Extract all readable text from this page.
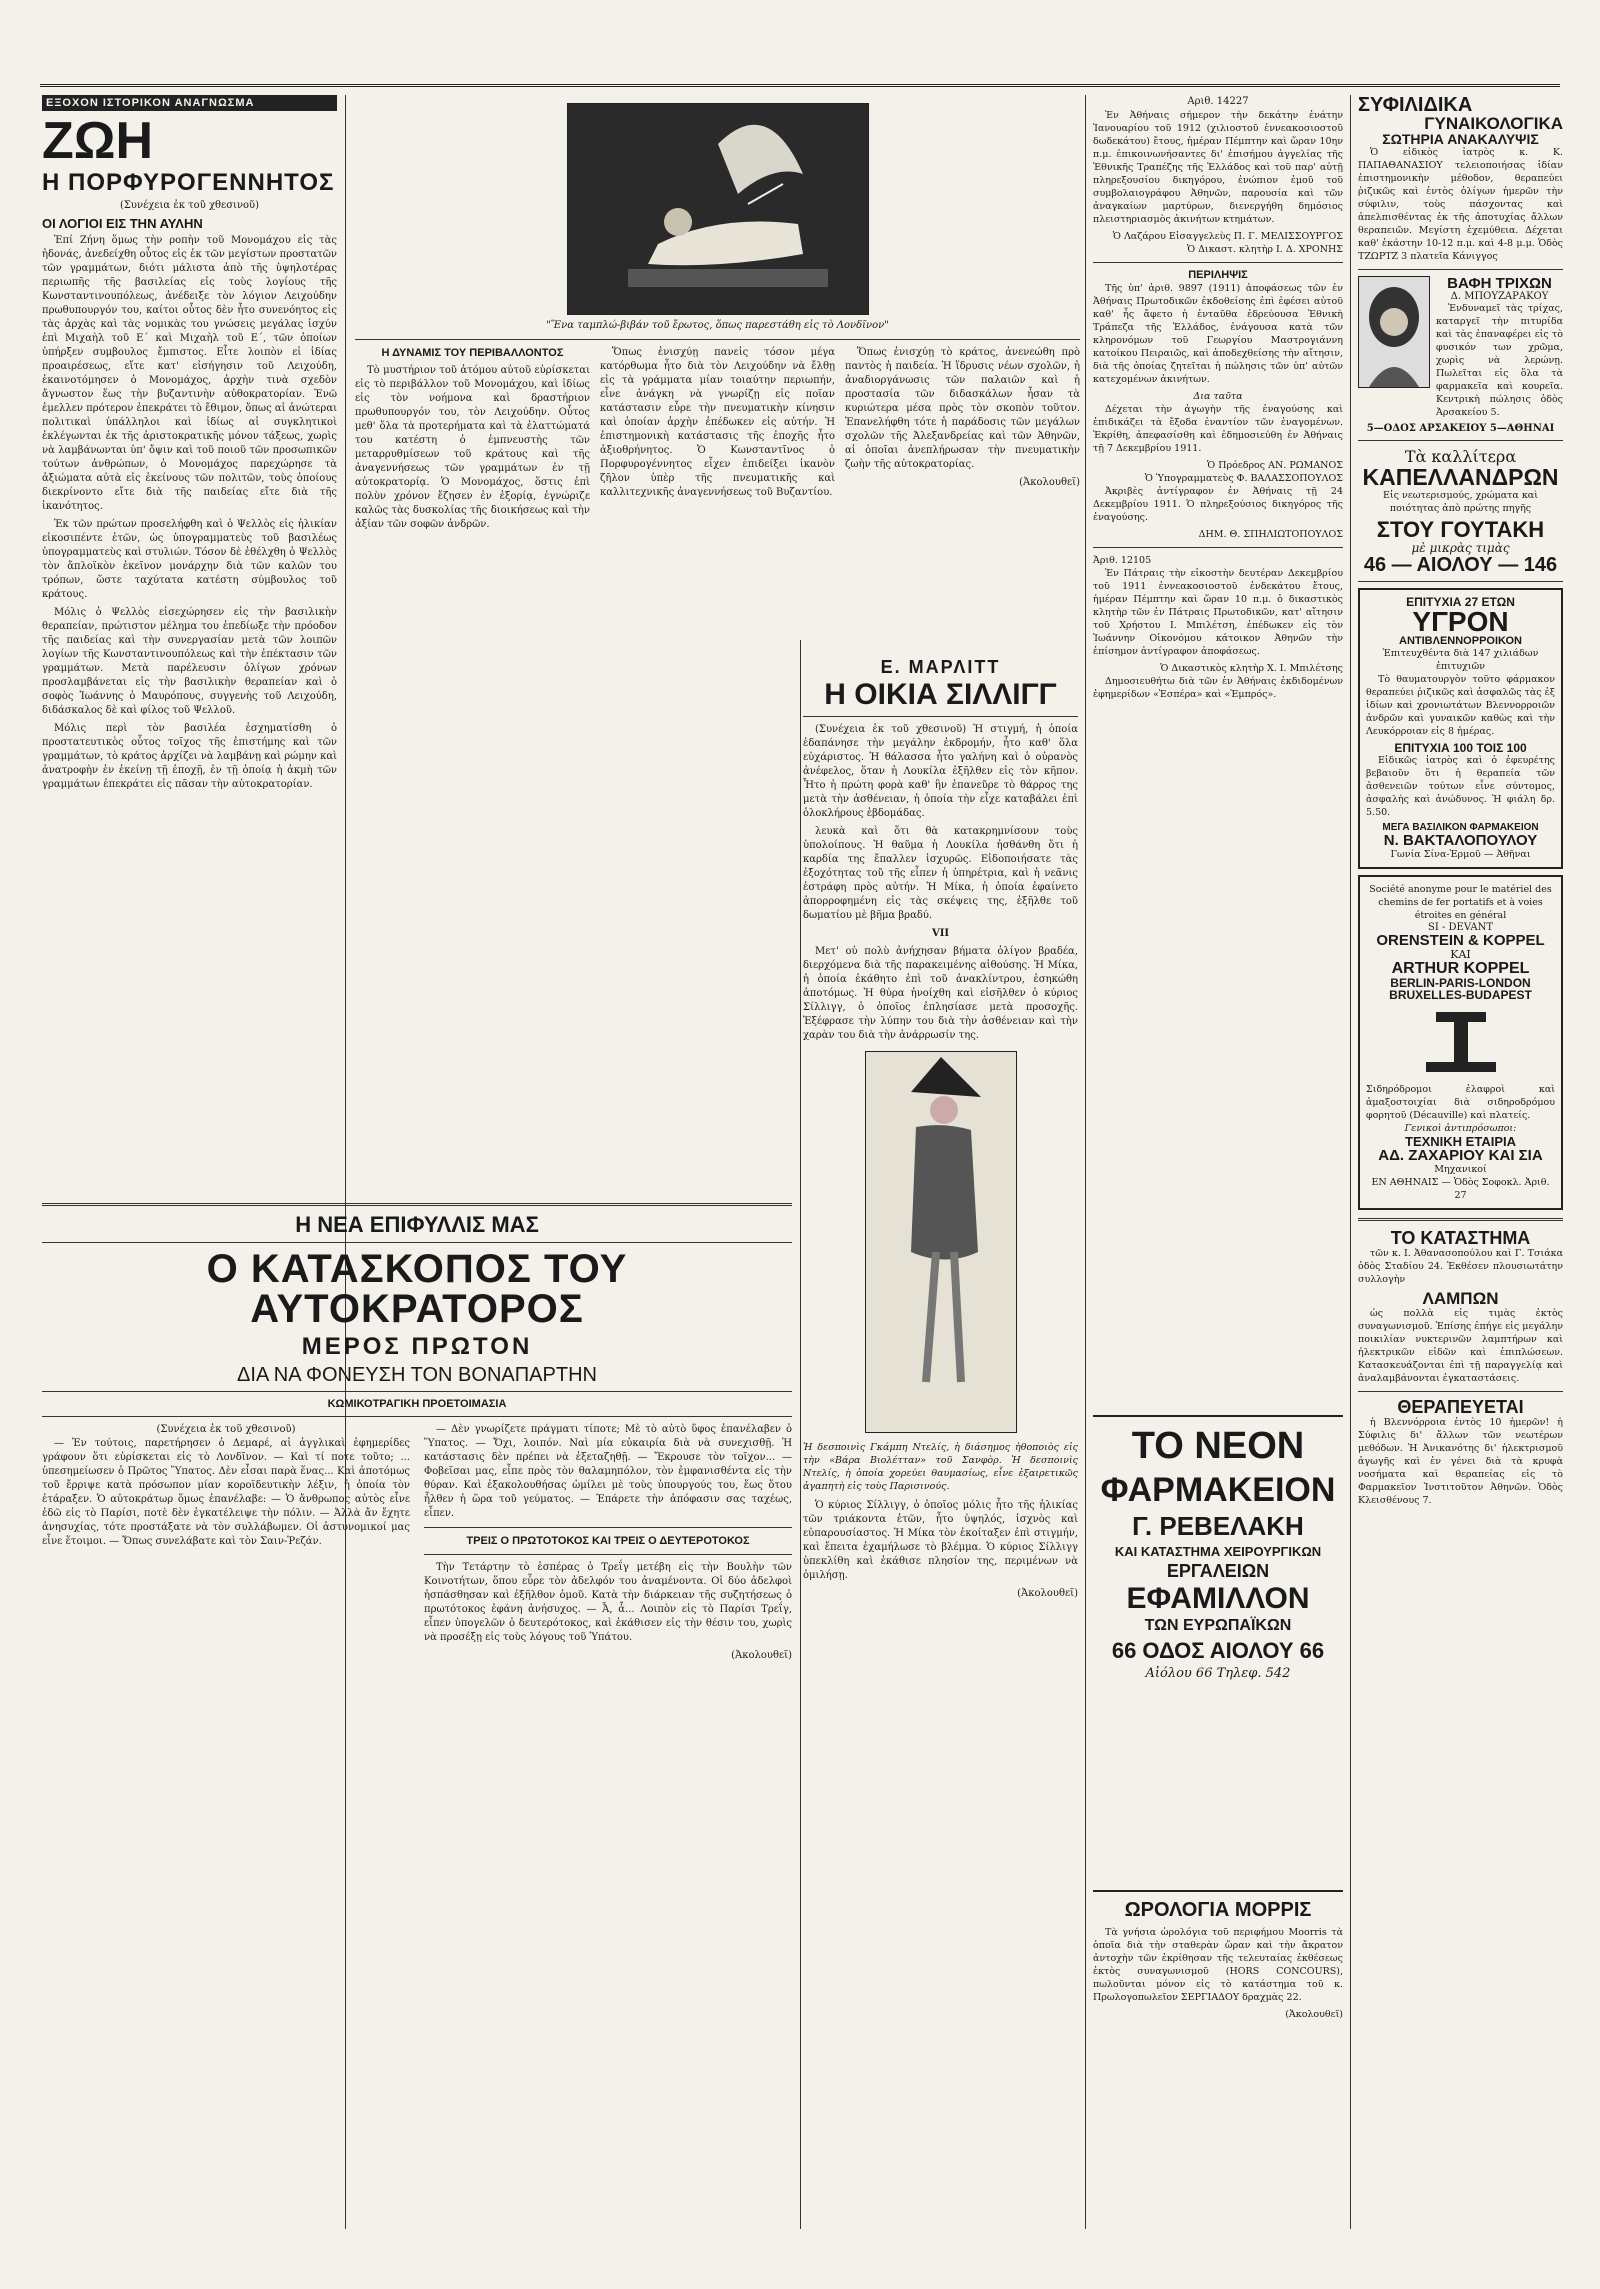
ΕΞΟΧΟΝ ΙΣΤΟΡΙΚΟΝ ΑΝΑΓΝΩΣΜΑ
ΖΩΗ
Η ΠΟΡΦΥΡΟΓΕΝΝΗΤΟΣ
(Συνέχεια ἐκ τοῦ χθεσινοῦ)
ΟΙ ΛΟΓΙΟΙ ΕΙΣ ΤΗΝ ΑΥΛΗΝ

Ἐπί Ζήνη ὅμως τὴν ροπὴν τοῦ Μονομάχου εἰς τὰς ἡδονάς, ἀνεδείχθη οὗτος εἰς ἐκ τῶν μεγίστων προστατῶν τῶν γραμμάτων, διότι μάλιστα ἀπὸ τῆς ὑψηλοτέρας περιωπῆς τῆς βασιλείας εἰς τοὺς λογίους τῆς Κωνσταντινουπόλεως, ἀνέδειξε τὸν λόγιον Λειχούδην πρωθυπουργόν του, καίτοι οὗτος δὲν ἦτο συνενόητος εἰς τὰς ἀρχὰς καὶ τὰς νομικὰς του γνώσεις μεγάλας ἰσχύν ἐπὶ Μιχαὴλ τοῦ Ε΄ καὶ Μιχαὴλ τοῦ Ε΄, τῶν ὁποίων ὑπήρξεν συμβουλος ἔμπιστος. Εἶτε λοιπὸν εἰ ἰδίας προαιρέσεως, εἴτε κατ' εἰσήγησιν τοῦ Λειχούδη, ἐκαινοτόμησεν ὁ Μονομάχος, ἀρχὴν τινὰ σχεδὸν ἄγνωστον ἕως τὴν βυζαντινὴν αὐθοκρατορίαν. Ἐνῶ ἐμελλεν πρότερον ἐπεκράτει τὸ ἔθιμον, ὅπως αἱ ἀνώτεραι πολιτικαὶ ὑπάλληλοι καὶ ἰδίως αἱ συγκλητικοὶ ἐκλέγωνται ἐκ τῆς ἀριστοκρατικῆς μόνον τάξεως, χωρὶς νὰ λαμβάνωνται ὑπ' ὄψιν καὶ τοῦ ποιοῦ τῶν προσωπικῶν τούτων ἀνθρώπων, ὁ Μονομάχος παρεχώρησε τὰ ἀξιώματα αὐτὰ εἰς ἐκείνους τῶν πολιτῶν, τοὺς ὁποίους διεκρίνοντο εἴτε διὰ τῆς παιδείας εἴτε διὰ τῆς ἰκανότητος.

Ἐκ τῶν πρώτων προσελήφθη καὶ ὁ Ψελλὸς εἰς ἡλικίαν εἰκοσιπέντε ἐτῶν, ὡς ὑπογραμματεὺς τοῦ βασιλέως ὑπογραμματεὺς καὶ στυλιών. Τόσον δὲ ἐθέλχθη ὁ Ψελλὸς τὸν ἄπλοϊκὸν ἐκεῖνον μονάρχην διὰ τῶν καλῶν του τρόπων, ὥστε ταχύτατα κατέστη σύμβουλος τοῦ κράτους.

Μόλις ὁ Ψελλὸς εἰσεχώρησεν εἰς τὴν βασιλικὴν θεραπείαν, πρώτιστον μέλημα του ἐπεδίωξε τὴν πρόοδον τῆς παιδείας καὶ τὴν συνεργασίαν μετὰ τῶν λοιπῶν λογίων τῆς Κωνσταντινουπόλεως καὶ τὴν ἐπέκτασιν τῶν γραμμάτων. Μετὰ παρέλευσιν ὀλίγων χρόνων προσλαμβάνεται εἰς τὴν βασιλικὴν θεραπείαν καὶ ὁ σοφὸς Ἰωάννης ὁ Μαυρόπους, συγγενὴς τοῦ Λειχούδη, διδάσκαλος δὲ καὶ φίλος τοῦ Ψελλοῦ.

Μόλις περὶ τὸν βασιλέα ἐσχηματίσθη ὁ προστατευτικὸς οὗτος τοῖχος τῆς ἐπιστήμης καὶ τῶν γραμμάτων, τὸ κράτος ἀρχίζει νὰ λαμβάνῃ καὶ ρώμην καὶ ἀνατροφὴν ἐν ἐκείνῃ τῇ ἐποχῇ, ἐν τῇ ὁποίᾳ ἡ ἀκμὴ τῶν γραμμάτων ἐπεκράτει εἰς πᾶσαν τὴν αὐτοκρατορίαν.

"Ἕνα ταμπλώ-βιβάν τοῦ ἔρωτος, ὅπως παρεστάθη εἰς τὸ Λονδῖνον"
Η ΔΥΝΑΜΙΣ ΤΟΥ ΠΕΡΙΒΑΛΛΟΝΤΟΣ

Τὸ μυστήριον τοῦ ἀτόμου αὐτοῦ εὑρίσκεται εἰς τὸ περιβάλλον τοῦ Μονομάχου, καὶ ἰδίως εἰς τὸν νοήμονα καὶ δραστήριον πρωθυπουργόν του, τὸν Λειχούδην. Οὗτος μεθ' ὅλα τὰ προτερήματα καὶ τὰ ἐλαττώματά του κατέστη ὁ ἐμπνευστὴς τῶν μεταρρυθμίσεων τοῦ κράτους καὶ τῆς ἀναγεννήσεως τῶν γραμμάτων ἐν τῇ αὐτοκρατορίᾳ. Ὁ Μονομάχος, ὅστις ἐπὶ πολὺν χρόνον ἔζησεν ἐν ἐξορίᾳ, ἐγνώριζε καλῶς τὰς δυσκολίας τῆς διοικήσεως καὶ τὴν ἀξίαν τῶν σοφῶν ἀνδρῶν.

Ὅπως ἐνισχύῃ πανεἰς τόσον μέγα κατόρθωμα ἦτο διὰ τὸν Λειχούδην νὰ ἔλθῃ εἰς τὰ γράμματα μίαν τοιαύτην περιωπήν, εἶνε ἀνάγκη νὰ γνωρίζῃ εἰς ποῖαν κατάστασιν εὗρε τὴν πνευματικὴν κίνησιν καὶ ὁποίαν ἀρχὴν ἐπέδωκεν εἰς αὐτήν. Ἡ ἐπιστημονικὴ κατάστασις τῆς ἐποχῆς ἦτο ἀξιοθρήνητος. Ὁ Κωνσταντῖνος ὁ Πορφυρογέννητος εἶχεν ἐπιδείξει ἱκανὸν ζῆλον ὑπὲρ τῆς πνευματικῆς καὶ καλλιτεχνικῆς ἀναγεννήσεως τοῦ Βυζαντίου.

Ὅπως ἐνισχύῃ τὸ κράτος, ἀνενεώθη πρὸ παντὸς ἡ παιδεία. Ἡ ἵδρυσις νέων σχολῶν, ἡ ἀναδιοργάνωσις τῶν παλαιῶν καὶ ἡ προστασία τῶν διδασκάλων ἦσαν τὰ κυριώτερα μέσα πρὸς τὸν σκοπὸν τοῦτον. Ἐπανελήφθη τότε ἡ παράδοσις τῶν μεγάλων σχολῶν τῆς Ἀλεξανδρείας καὶ τῶν Ἀθηνῶν, αἱ ὁποῖαι ἀνεπλήρωσαν τὴν πνευματικὴν ζωὴν τῆς αὐτοκρατορίας.

(Ἀκολουθεῖ)
Η ΝΕΑ ΕΠΙΦΥΛΛΙΣ ΜΑΣ
Ο ΚΑΤΑΣΚΟΠΟΣ ΤΟΥ ΑΥΤΟΚΡΑΤΟΡΟΣ
ΜΕΡΟΣ ΠΡΩΤΟΝ
ΔΙΑ ΝΑ ΦΟΝΕΥΣΗ ΤΟΝ ΒΟΝΑΠΑΡΤΗΝ
ΚΩΜΙΚΟΤΡΑΓΙΚΗ ΠΡΟΕΤΟΙΜΑΣΙΑ
(Συνέχεια ἐκ τοῦ χθεσινοῦ)

— Ἐν τούτοις, παρετήρησεν ὁ Δεμαρέ, αἱ ἀγγλικαὶ ἐφημερίδες γράφουν ὅτι εὑρίσκεται εἰς τὸ Λονδῖνον. — Καὶ τί ποτε τοῦτο; ... ὑπεσημείωσεν ὁ Πρῶτος Ὕπατος. Δὲν εἶσαι παρὰ ἕνας... Καὶ ἀποτόμως τοῦ ἔρριψε κατὰ πρόσωπον μίαν κοροϊδευτικὴν λέξιν, ἡ ὁποία τὸν ἐτάραξεν. Ὁ αὐτοκράτωρ ὅμως ἐπανέλαβε: — Ὁ ἄνθρωπος αὐτὸς εἶνε ἐδῶ εἰς τὸ Παρίσι, ποτὲ δὲν ἐγκατέλειψε τὴν πόλιν. — Ἀλλὰ ἄν ἔχητε ἀνησυχίας, τότε προστάξατε νὰ τὸν συλλάβωμεν. Οἱ ἀστυνομικοί μας εἶνε ἕτοιμοι. — Ὅπως συνελάβατε καὶ τὸν Σαιν-Ῥεζάν.

— Δὲν γνωρίζετε πράγματι τίποτε; Μὲ τὸ αὐτὸ ὕφος ἐπανέλαβεν ὁ Ὕπατος. — Ὄχι, λοιπόν. Ναὶ μία εὐκαιρία διὰ νὰ συνεχισθῇ. Ἡ κατάστασις δὲν πρέπει νὰ ἐξεταζηθῇ. — Ἔκρουσε τὸν τοῖχον... — Φοβεῖσαι μας, εἶπε πρὸς τὸν θαλαμηπόλον, τὸν ἐμφανισθέντα εἰς τὴν θύραν. Καὶ ἐξακολουθήσας ὠμίλει μὲ τοὺς ὑπουργούς του, ἕως ὅτου ἦλθεν ἡ ὥρα τοῦ γεύματος. — Ἐπάρετε τὴν ἀπόφασιν σας ταχέως, εἶπεν.

ΤΡΕΙΣ Ο ΠΡΩΤΟΤΟΚΟΣ ΚΑΙ ΤΡΕΙΣ Ο ΔΕΥΤΕΡΟΤΟΚΟΣ

Τὴν Τετάρτην τὸ ἑσπέρας ὁ Τρεΐγ μετέβη εἰς τὴν Βουλὴν τῶν Κοινοτήτων, ὅπου εὗρε τὸν ἀδελφόν του ἀναμένοντα. Οἱ δύο ἀδελφοὶ ἠσπάσθησαν καὶ ἐξῆλθον ὁμοῦ. Κατὰ τὴν διάρκειαν τῆς συζητήσεως ὁ πρωτότοκος ἐφάνη ἀνήσυχος. — Ἆ, ἆ... Λοιπὸν εἰς τὸ Παρίσι Τρεΐγ, εἶπεν ὑπογελῶν ὁ δευτερότοκος, καὶ ἐκάθισεν εἰς τὴν θέσιν του, χωρὶς νὰ προσέξῃ εἰς τοὺς λόγους τοῦ Ὑπάτου.

(Ἀκολουθεῖ)
Ε. ΜΑΡΛΙΤΤ
Η ΟΙΚΙΑ ΣΙΛΛΙΓΓ

(Συνέχεια ἐκ τοῦ χθεσινοῦ) Ἡ στιγμή, ἡ ὁποία ἐδαπάνησε τὴν μεγάλην ἐκδρομήν, ἦτο καθ' ὅλα εὐχάριστος. Ἡ θάλασσα ἦτο γαλήνη καὶ ὁ οὐρανὸς ἀνέφελος, ὅταν ἡ Λουκίλα ἐξῆλθεν εἰς τὸν κῆπον. Ἦτο ἡ πρώτη φορὰ καθ' ἣν ἐπανεῦρε τὸ θάρρος της μετὰ τὴν ἀσθένειαν, ἡ ὁποία τὴν εἶχε καταβάλει ἐπὶ ὁλοκλήρους ἑβδομάδας.

λευκὰ καὶ ὅτι θὰ κατακρημνίσουν τοὺς ὑπολοίπους. Ἡ θαῦμα ἡ Λουκίλα ἠσθάνθη ὅτι ἡ καρδία της ἔπαλλεν ἰσχυρῶς. Εἰδοποιήσατε τὰς ἐξοχότητας τοῦ τῆς εἶπεν ἡ ὑπηρέτρια, καὶ ἡ νεᾶνις ἐστράφη πρὸς αὐτήν. Ἡ Μίκα, ἡ ὁποία ἐφαίνετο ἀπορροφημένη εἰς τὰς σκέψεις της, ἐξῆλθε τοῦ δωματίου μὲ βῆμα βραδύ.

VII

Μετ' οὐ πολὺ ἀνήχησαν βήματα ὀλίγον βραδέα, διερχόμενα διὰ τῆς παρακειμένης αἰθούσης. Ἡ Μίκα, ἡ ὁποία ἐκάθητο ἐπὶ τοῦ ἀνακλίντρου, ἐσηκώθη ἀποτόμως. Ἡ θύρα ἠνοίχθη καὶ εἰσῆλθεν ὁ κύριος Σίλλιγγ, ὁ ὁποῖος ἐπλησίασε μετὰ προσοχῆς. Ἐξέφρασε τὴν λύπην του διὰ τὴν ἀσθένειαν καὶ τὴν χαρὰν του διὰ τὴν ἀνάρρωσίν της.

Ἡ δεσποινὶς Γκάμπη Ντελίς, ἡ διάσημος ἠθοποιὸς εἰς τὴν «Βάρα Βιολέτταν» τοῦ Σανφὸρ. Ἡ δεσποινὶς Ντελίς, ἡ ὁποία χορεύει θαυμασίως, εἶνε ἐξαιρετικῶς ἀγαπητὴ εἰς τοὺς Παρισινούς.

Ὁ κύριος Σίλλιγγ, ὁ ὁποῖος μόλις ἦτο τῆς ἡλικίας τῶν τριάκοντα ἐτῶν, ἦτο ὑψηλός, ἰσχνὸς καὶ εὐπαρουσίαστος. Ἡ Μίκα τὸν ἐκοίταξεν ἐπὶ στιγμήν, καὶ ἔπειτα ἐχαμήλωσε τὸ βλέμμα. Ὁ κύριος Σίλλιγγ ὑπεκλίθη καὶ ἐκάθισε πλησίον της, περιμένων νὰ ὁμιλήσῃ.

(Ἀκολουθεῖ)
Αριθ. 14227

Ἐν Ἀθήναις σήμερον τὴν δεκάτην ἐνάτην Ἰανουαρίου τοῦ 1912 (χιλιοστοῦ ἐννεακοσιοστοῦ δωδεκάτου) ἔτους, ἡμέραν Πέμπτην καὶ ὥραν 10ην π.μ. ἐπικοινωνήσαντες δι' ἐπισήμου ἀγγελίας τῆς Ἐθνικῆς Τραπέζης τῆς Ἑλλάδος καὶ τοῦ παρ' αὐτῇ πληρεξουσίου δικηγόρου, ἐνώπιον ἐμοῦ τοῦ συμβολαιογράφου Ἀθηνῶν, παρουσία καὶ τῶν ἀναγκαίων μαρτύρων, διενεργήθη δημόσιος πλειστηριασμὸς ἀκινήτων κτημάτων.

Ὁ Λαζάρου Εἰσαγγελεὺς Π. Γ. ΜΕΛΙΣΣΟΥΡΓΟΣ
Ὁ Δικαστ. κλητὴρ Ι. Δ. ΧΡΟΝΗΣ
ΠΕΡΙΛΗΨΙΣ

Τῆς ὑπ' ἀριθ. 9897 (1911) ἀποφάσεως τῶν ἐν Ἀθήναις Πρωτοδικῶν ἐκδοθείσης ἐπὶ ἐφέσει αὐτοῦ καθ' ἧς ἄφετο ἡ ἐνταῦθα ἐδρεύουσα Ἐθνικὴ Τράπεζα τῆς Ἑλλάδος, ἐνάγουσα κατὰ τῶν κληρονόμων τοῦ Γεωργίου Μαστρογιάννη κατοίκου Πειραιῶς, καὶ ἀποδεχθείσης τὴν αἴτησιν, διὰ τῆς ὁποίας ζητεῖται ἡ πώλησις τῶν ὑπ' αὐτῶν κατεχομένων ἀκινήτων.

Δια ταῦτα

Δέχεται τὴν ἀγωγὴν τῆς ἐναγούσης καὶ ἐπιδικάζει τὰ ἔξοδα ἐναντίον τῶν ἐναγομένων. Ἐκρίθη, ἀπεφασίσθη καὶ ἐδημοσιεύθη ἐν Ἀθήναις τῇ 7 Δεκεμβρίου 1911.

Ὁ Πρόεδρος ΑΝ. ΡΩΜΑΝΟΣ
Ὁ Ὑπογραμματεὺς Φ. ΒΑΛΑΣΣΟΠΟΥΛΟΣ

Ἀκριβὲς ἀντίγραφον ἐν Ἀθήναις τῇ 24 Δεκεμβρίου 1911. Ὁ πληρεξούσιος δικηγόρος τῆς ἐναγούσης.

ΔΗΜ. Θ. ΣΠΗΛΙΩΤΟΠΟΥΛΟΣ
Ἀριθ. 12105

Ἐν Πάτραις τὴν εἰκοστὴν δευτέραν Δεκεμβρίου τοῦ 1911 ἐννεακοσιοστοῦ ἑνδεκάτου ἔτους, ἡμέραν Πέμπτην καὶ ὥραν 10 π.μ. ὁ δικαστικὸς κλητὴρ τῶν ἐν Πάτραις Πρωτοδικῶν, κατ' αἴτησιν τοῦ Χρήστου Ι. Μπιλέτση, ἐπέδωκεν εἰς τὸν Ἰωάννην Οἰκονόμου κάτοικον Ἀθηνῶν τὴν ἐπίσημον ἀντίγραφον ἀποφάσεως.

Ὁ Δικαστικὸς κλητὴρ Χ. Ι. Μπιλέτσης

Δημοσιευθήτω διὰ τῶν ἐν Ἀθήναις ἐκδιδομένων ἐφημερίδων «Ἑσπέρα» καὶ «Ἐμπρός».

ΤΟ ΝΕΟΝ
ΦΑΡΜΑΚΕΙΟΝ
Γ. ΡΕΒΕΛΑΚΗ
ΚΑΙ ΚΑΤΑΣΤΗΜΑ ΧΕΙΡΟΥΡΓΙΚΩΝ
ΕΡΓΑΛΕΙΩΝ
ΕΦΑΜΙΛΛΟΝ
ΤΩΝ ΕΥΡΩΠΑΪΚΩΝ
66 ΟΔΟΣ ΑΙΟΛΟΥ 66
Αἰόλου 66 Τηλεφ. 542
ΩΡΟΛΟΓΙΑ ΜΟΡΡΙΣ

Τὰ γνήσια ὡρολόγια τοῦ περιφήμου Moorris τὰ ὁποῖα διὰ τὴν σταθερὰν ὥραν καὶ τὴν ἄκρατον ἀντοχὴν τῶν ἐκρίθησαν τῆς τελευταίας ἐκθέσεως ἐκτὸς συναγωνισμοῦ (HORS CONCOURS), πωλοῦνται μόνον εἰς τὸ κατάστημα τοῦ κ. Πρωλογοπωλεῖον ΣΕΡΓΙΑΔΟΥ δραχμὰς 22.

(Ἀκολουθεῖ)
ΣΥΦΙΛΙΔΙΚΑ
ΓΥΝΑΙΚΟΛΟΓΙΚΑ
ΣΩΤΗΡΙΑ ΑΝΑΚΑΛΥΨΙΣ

Ὁ εἰδικὸς ἰατρὸς κ. Κ. ΠΑΠΑΘΑΝΑΣΙΟΥ τελειοποιήσας ἰδίαν ἐπιστημονικὴν μέθοδον, θεραπεύει ῥιζικῶς καὶ ἐντὸς ὀλίγων ἡμερῶν τὴν σύφιλιν, τοὺς πάσχοντας καὶ ἀπελπισθέντας ἐκ τῆς ἀποτυχίας ἄλλων θεραπειῶν. Μεγίστη ἐχεμύθεια. Δέχεται καθ' ἑκάστην 10-12 π.μ. καὶ 4-8 μ.μ. Ὁδὸς ΤΖΩΡΤΖ 3 πλατεῖα Κάνιγγος

ΒΑΦΗ ΤΡΙΧΩΝ
Δ. ΜΠΟΥΖΑΡΑΚΟΥ

Ἐνδυναμεῖ τὰς τρίχας, καταργεῖ τὴν πιτυρίδα καὶ τὰς ἐπαναφέρει εἰς τὸ φυσικόν των χρῶμα, χωρὶς νὰ λερώνῃ. Πωλεῖται εἰς ὅλα τὰ φαρμακεῖα καὶ κουρεῖα. Κεντρικὴ πώλησις ὁδὸς Ἀρσακείου 5.

5—ΟΔΟΣ ΑΡΣΑΚΕΙΟΥ 5—ΑΘΗΝΑΙ
Τὰ καλλίτερα
ΚΑΠΕΛΛΑΝΔΡΩΝ
Εἰς νεωτερισμούς, χρώματα καὶ ποιότητας ἀπὸ πρώτης πηγῆς
ΣΤΟΥ ΓΟΥΤΑΚΗ
μὲ μικρὰς τιμὰς
46 — ΑΙΟΛΟΥ — 146
ΕΠΙΤΥΧΙΑ 27 ΕΤΩΝ
ΥΓΡΟΝ
ΑΝΤΙΒΛΕΝΝΟΡΡΟΙΚΟΝ
Ἐπιτευχθέντα διὰ 147 χιλιάδων ἐπιτυχιῶν

Τὸ θαυματουργὸν τοῦτο φάρμακον θεραπεύει ῥιζικῶς καὶ ἀσφαλῶς τὰς ἐξ ἰδίων καὶ χρονιωτάτων Βλεννορροιῶν ἀνδρῶν καὶ γυναικῶν καθὼς καὶ τὴν Λευκόρροιαν εἰς 8 ἡμέρας.

ΕΠΙΤΥΧΙΑ 100 ΤΟΙΣ 100

Εἰδικῶς ἰατρὸς καὶ ὁ ἐφευρέτης βεβαιοῦν ὅτι ἡ θεραπεία τῶν ἀσθενειῶν τούτων εἶνε σύντομος, ἀσφαλὴς καὶ ἀνώδυνος. Ἡ φιάλη δρ. 5.50.

ΜΕΓΑ ΒΑΣΙΛΙΚΟΝ ΦΑΡΜΑΚΕΙΟΝ
Ν. ΒΑΚΤΑΛΟΠΟΥΛΟΥ
Γωνία Σίνα-Ἑρμοῦ — Ἀθῆναι
Société anonyme pour le matériel des chemins de fer portatifs et à voies étroites en général
SI - DEVANT
ORENSTEIN & KOPPEL
ΚΑΙ
ARTHUR KOPPEL
BERLIN-PARIS-LONDON
BRUXELLES-BUDAPEST
Σιδηρόδρομοι ἐλαφροὶ καὶ ἁμαξοστοιχίαι διὰ σιδηροδρόμου φορητοῦ (Décauville) καὶ πλατείς.
Γενικοὶ ἀντιπρόσωποι:
ΤΕΧΝΙΚΗ ΕΤΑΙΡΙΑ
ΑΔ. ΖΑΧΑΡΙΟΥ ΚΑΙ ΣΙΑ
Μηχανικοί
ΕΝ ΑΘΗΝΑΙΣ — Ὁδὸς Σοφοκλ. Ἀριθ. 27
ΤΟ ΚΑΤΑΣΤΗΜΑ

τῶν κ. Ι. Ἀθανασοπούλου καὶ Γ. Τσιάκα ὁδὸς Σταδίου 24. Ἐκθέσεν πλουσιωτάτην συλλογὴν

ΛΑΜΠΩΝ

ὡς πολλὰ εἰς τιμὰς ἐκτὸς συναγωνισμοῦ. Ἐπίσης ἐπήγε εἰς μεγάλην ποικιλίαν νυκτερινῶν λαμπτήρων καὶ ἠλεκτρικῶν εἰδῶν καὶ ἐπιπλώσεων. Κατασκευάζονται ἐπὶ τῇ παραγγελίᾳ καὶ ἀναλαμβάνονται ἐγκαταστάσεις.

ΘΕΡΑΠΕΥΕΤΑΙ

ἡ Βλεννόρροια ἐντὸς 10 ἡμερῶν! ἡ Σύφιλις δι' ἄλλων τῶν νεωτέρων μεθόδων. Ἡ Ἀνικανότης δι' ἠλεκτρισμοῦ ἀγωγῆς καὶ ἐν γένει διὰ τὰ κρυφὰ νοσήματα καὶ θεραπείας εἰς τὸ Φαρμακεῖον Ἰνστιτοῦτον Ἀθηνῶν. Ὁδὸς Κλεισθένους 7.
